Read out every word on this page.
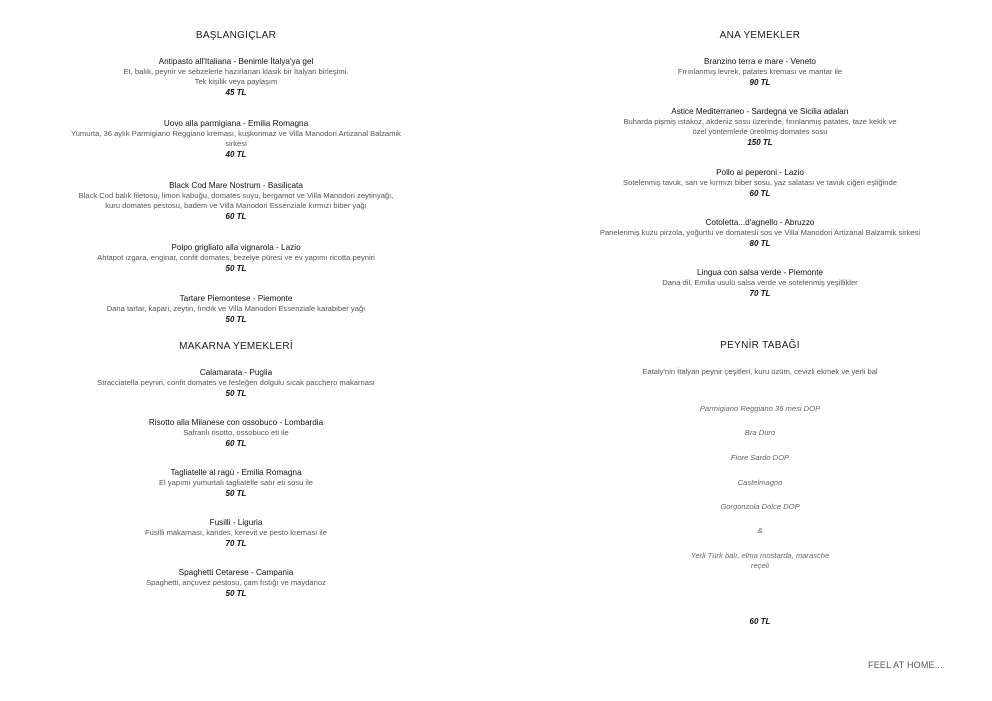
BAŞLANGIÇLAR
Antipasto all'Italiana - Benimle İtalya'ya gel
Et, balık, peynir ve sebzelerle hazırlanan klasik bir İtalyan birleşimi.
Tek kişilik veya paylaşım
45 TL
Uovo alla parmigiana - Emilia Romagna
Yumurta, 36 aylık Parmigiano Reggiano kreması, kuşkonmaz ve Villa Manodori Artizanal Balzamik
sirkesi
40 TL
Black Cod Mare Nostrum - Basilicata
Black Cod balık filetosu, limon kabuğu, domates suyu, bergamot ve Villa Manodori zeytinyağı,
kuru domates pestosu, badem ve Villa Manodori Essenziale kırmızı biber yağı
60 TL
Polpo grigliato alla vignarola - Lazio
Ahtapot ızgara, enginar, confit domates, bezelye püresi ve ev yapımı ricotta peyniri
50 TL
Tartare Piemontese - Piemonte
Dana tartar, kapari, zeytin, fındık ve Villa Manodori Essenziale karabiber yağı
50 TL
MAKARNA YEMEKLERİ
Calamarata - Puglia
Stracciatella peyniri, confit domates ve fesleğen dolgulu sıcak pacchero makarnası
50 TL
Risotto alla Milanese con ossobuco - Lombardia
Safranlı risotto, ossobuco eti ile
60 TL
Tagliatelle al ragù - Emilia Romagna
El yapımı yumurtalı tagliatelle satır eti sosu ile
50 TL
Fusilli - Liguria
Fusilli makarnası, karides, kerevit ve pesto kreması ile
70 TL
Spaghetti Cetarese - Campania
Spaghetti, ançuvez pestosu, çam fıstığı ve maydanoz
50 TL
ANA YEMEKLER
Branzino terra e mare - Veneto
Fırınlanmış levrek, patates kreması ve mantar ile
90 TL
Astice Mediterraneo - Sardegna ve Sicilia adaları
Buharda pişmiş ıstakoz, akdeniz sosu üzerinde, fırınlanmış patates, taze kekik ve
özel yöntemlerle üretilmiş domates sosu
150 TL
Pollo ai peperoni - Lazio
Sotelenmiş tavuk, sarı ve kırmızı biber sosu, yaz salatası ve tavuk ciğeri eşliğinde
60 TL
Cotoletta...d'agnello - Abruzzo
Panelenmiş kuzu pirzola, yoğurtlu ve domatesli sos ve Villa Manodori Artizanal Balzamik sirkesi
80 TL
Lingua con salsa verde - Piemonte
Dana dil, Emilia usulü salsa verde ve sotelenmiş yeşillikler
70 TL
PEYNİR TABAĞI
Eataly'nin İtalyan peynir çeşitleri, kuru üzüm, cevizli ekmek ve yerli bal
Parmigiano Reggiano 36 mesi DOP
Bra Duro
Fiore Sardo DOP
Castelmagno
Gorgonzola Dolce DOP
&
Yerli Türk balı, elma mostarda, marasche
reçeli
60 TL
FEEL AT HOME...
